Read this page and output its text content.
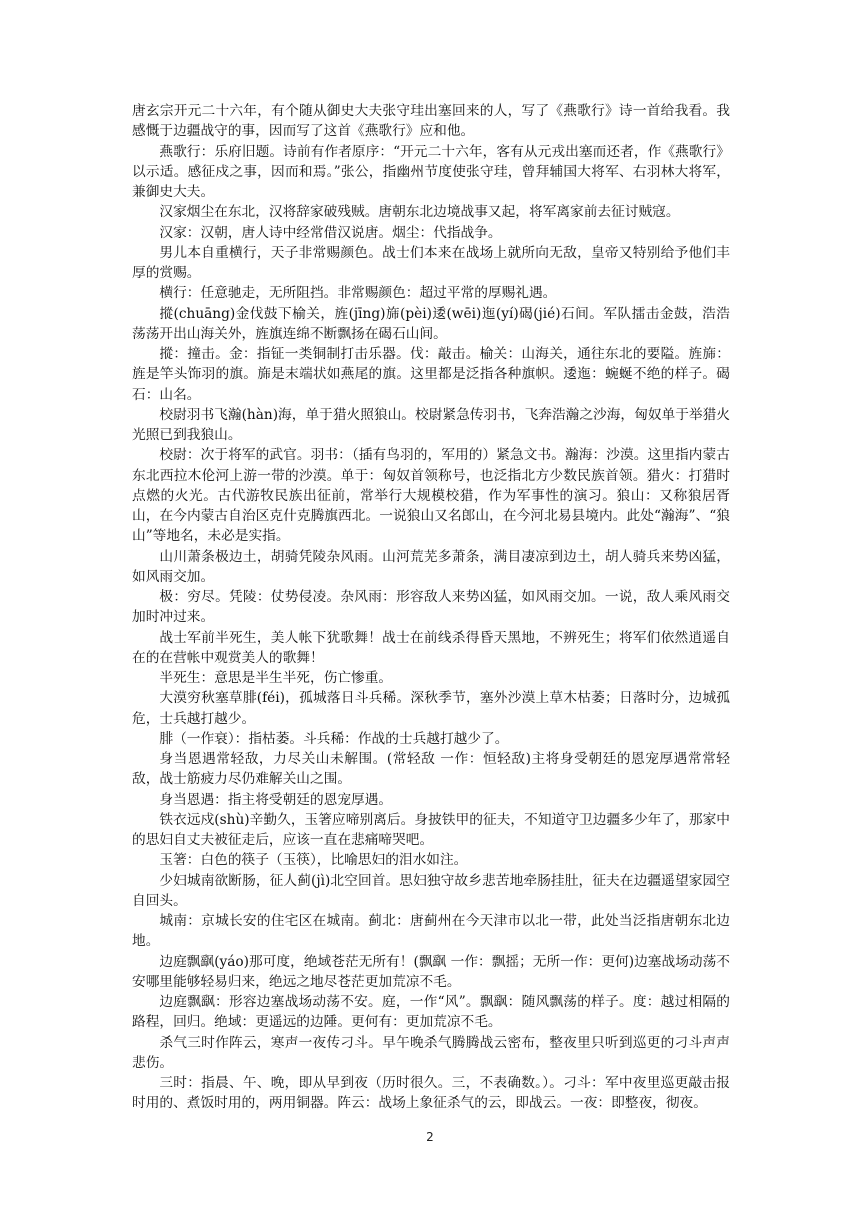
唐玄宗开元二十六年，有个随从御史大夫张守珪出塞回来的人，写了《燕歌行》诗一首给我看。我感慨于边疆战守的事，因而写了这首《燕歌行》应和他。

燕歌行：乐府旧题。诗前有作者原序：“开元二十六年，客有从元戎出塞而还者，作《燕歌行》以示适。感征戍之事，因而和焉。”张公，指幽州节度使张守珪，曾拜辅国大将军、右羽林大将军，兼御史大夫。

汉家烟尘在东北，汉将辞家破残贼。唐朝东北边境战事又起，将军离家前去征讨贼寇。

汉家：汉朝，唐人诗中经常借汉说唐。烟尘：代指战争。

男儿本自重横行，天子非常赐颜色。战士们本来在战场上就所向无敌，皇帝又特别给予他们丰厚的赏赐。

横行：任意驰走，无所阻挡。非常赐颜色：超过平常的厚赐礼遇。

摐(chuāng)金伐鼓下榆关，旌(jīng)旆(pèi)逶(wēi)迤(yí)碣(jié)石间。军队擂击金鼓，浩浩荡荡开出山海关外，旌旗连绵不断飘扬在碣石山间。

摐：撞击。金：指钲一类铜制打击乐器。伐：敲击。榆关：山海关，通往东北的要隘。旌旆：旌是竿头饰羽的旗。旆是末端状如燕尾的旗。这里都是泛指各种旗帜。逶迤：蜿蜒不绝的样子。碣石：山名。

校尉羽书飞瀚(hàn)海，单于猎火照狼山。校尉紧急传羽书，飞奔浩瀚之沙海，匈奴单于举猎火光照已到我狼山。

校尉：次于将军的武官。羽书：（插有鸟羽的，军用的）紧急文书。瀚海：沙漠。这里指内蒙古东北西拉木伦河上游一带的沙漠。单于：匈奴首领称号，也泛指北方少数民族首领。猎火：打猎时点燃的火光。古代游牧民族出征前，常举行大规模校猎，作为军事性的演习。狼山：又称狼居胥山，在今内蒙古自治区克什克腾旗西北。一说狼山又名郎山，在今河北易县境内。此处“瀚海”、“狼山”等地名，未必是实指。

山川萧条极边土，胡骑凭陵杂风雨。山河荒芜多萧条，满目凄凉到边土，胡人骑兵来势凶猛，如风雨交加。

极：穷尽。凭陵：仗势侵凌。杂风雨：形容敌人来势凶猛，如风雨交加。一说，敌人乘风雨交加时冲过来。

战士军前半死生，美人帐下犹歌舞！战士在前线杀得昏天黑地，不辨死生；将军们依然逍遥自在的在营帐中观赏美人的歌舞！

半死生：意思是半生半死，伤亡惨重。

大漠穷秋塞草腓(féi)，孤城落日斗兵稀。深秋季节，塞外沙漠上草木枯萎；日落时分，边城孤危，士兵越打越少。

腓（一作衰）：指枯萎。斗兵稀：作战的士兵越打越少了。

身当恩遇常轻敌，力尽关山未解围。(常轻敌 一作：恒轻敌)主将身受朝廷的恩宠厚遇常常轻敌，战士筋疲力尽仍难解关山之围。

身当恩遇：指主将受朝廷的恩宠厚遇。

铁衣远戍(shù)辛勤久，玉箸应啼别离后。身披铁甲的征夫，不知道守卫边疆多少年了，那家中的思妇自丈夫被征走后，应该一直在悲痛啼哭吧。

玉箸：白色的筷子（玉筷），比喻思妇的泪水如注。

少妇城南欲断肠，征人蓟(jì)北空回首。思妇独守故乡悲苦地牵肠挂肚，征夫在边疆遥望家园空自回头。

城南：京城长安的住宅区在城南。蓟北：唐蓟州在今天津市以北一带，此处当泛指唐朝东北边地。

边庭飘飖(yáo)那可度，绝域苍茫无所有！(飘飖 一作：飘摇；无所一作：更何)边塞战场动荡不安哪里能够轻易归来，绝远之地尽苍茫更加荒凉不毛。

边庭飘飖：形容边塞战场动荡不安。庭，一作“风”。飘飖：随风飘荡的样子。度：越过相隔的路程，回归。绝域：更遥远的边陲。更何有：更加荒凉不毛。

杀气三时作阵云，寒声一夜传刁斗。早午晚杀气腾腾战云密布，整夜里只听到巡更的刁斗声声悲伤。

三时：指晨、午、晚，即从早到夜（历时很久。三，不表确数。）。刁斗：军中夜里巡更敲击报时用的、煮饭时用的，两用铜器。阵云：战场上象征杀气的云，即战云。一夜：即整夜，彻夜。

2
